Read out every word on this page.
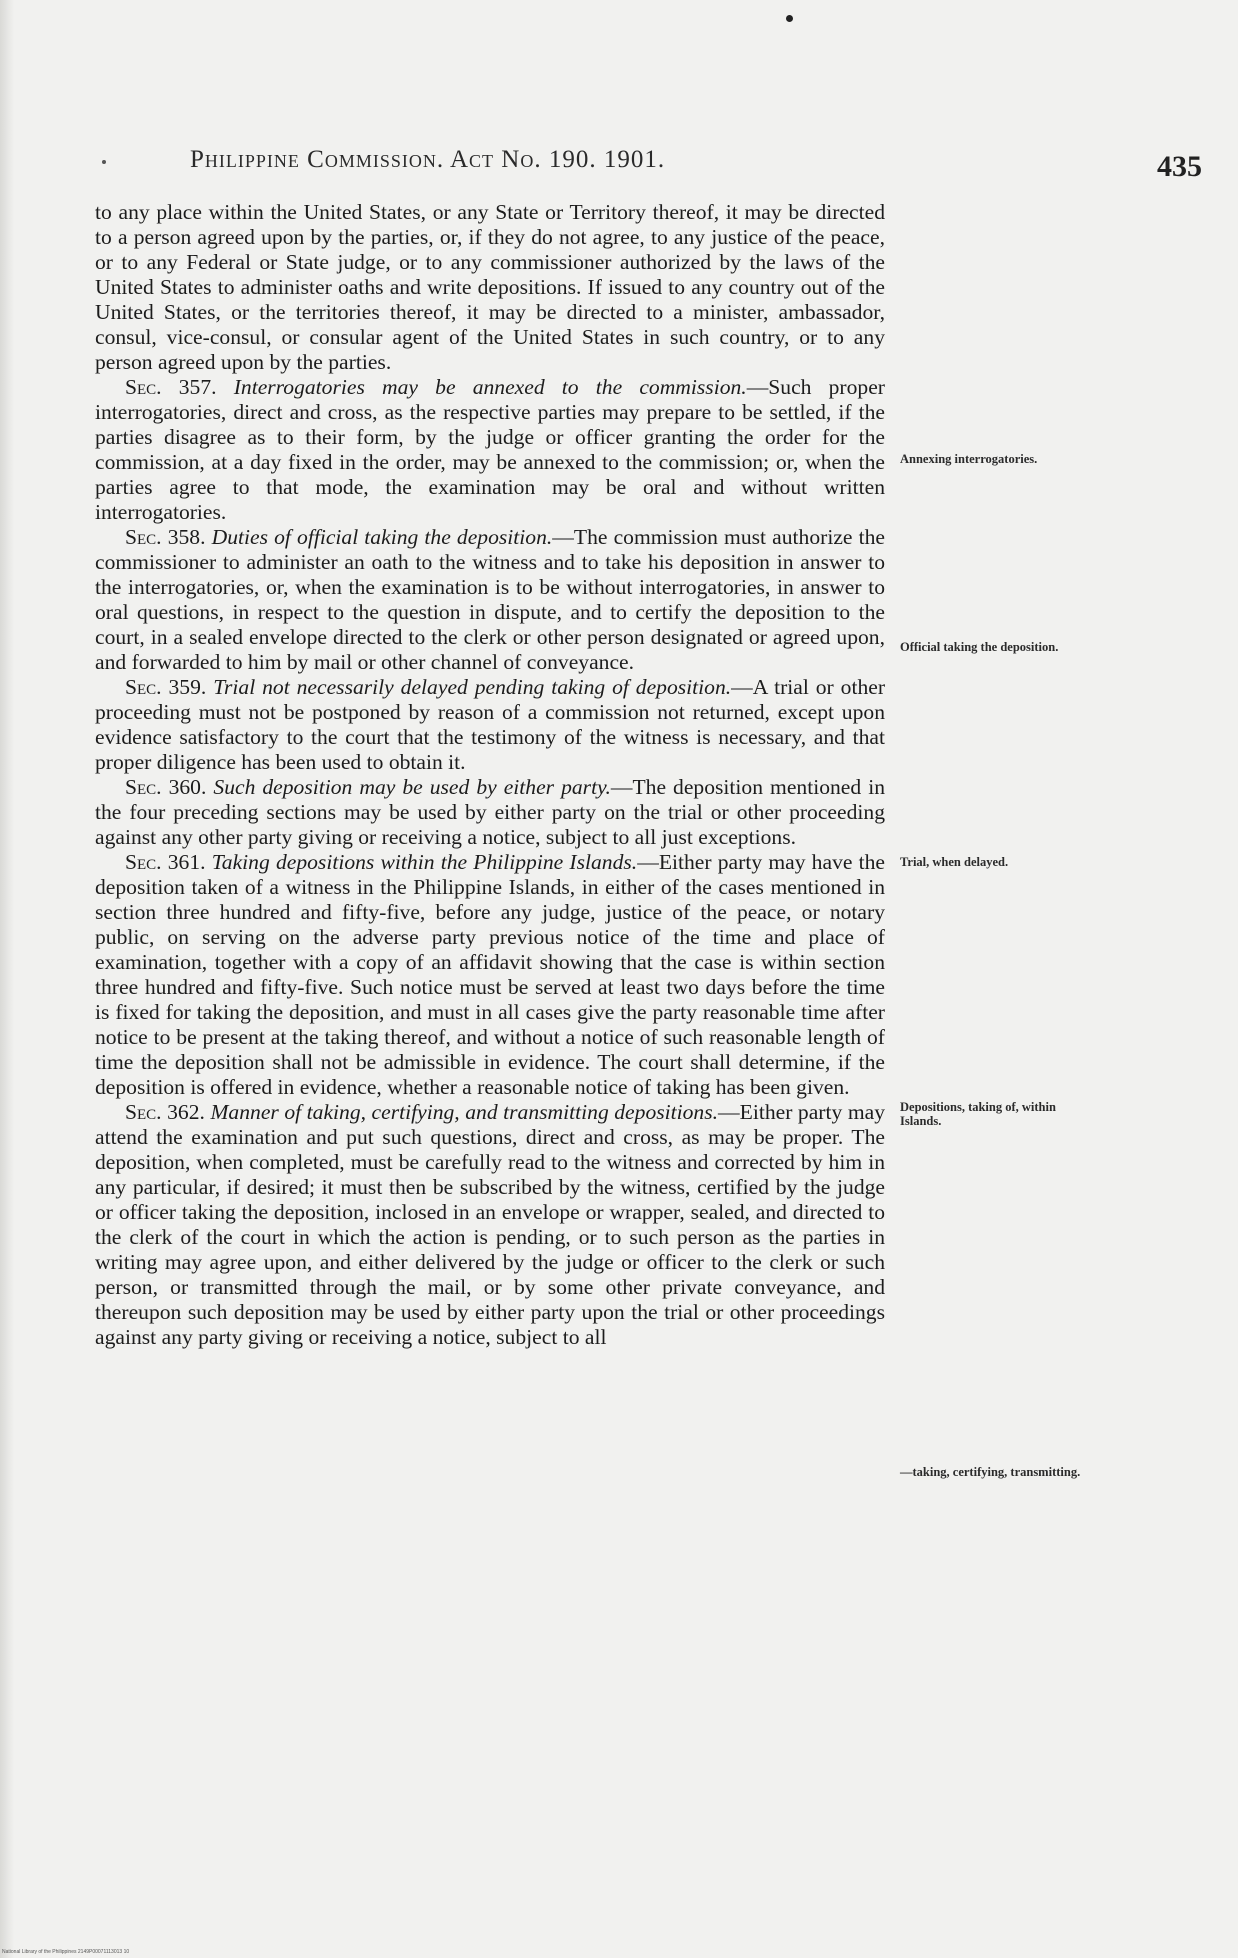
Philippine Commission. Act No. 190. 1901.	435

to any place within the United States, or any State or Territory thereof, it may be directed to a person agreed upon by the parties, or, if they do not agree, to any justice of the peace, or to any Federal or State judge, or to any commissioner authorized by the laws of the United States to administer oaths and write depositions. If issued to any country out of the United States, or the territories thereof, it may be directed to a minister, ambassador, consul, vice-consul, or consular agent of the United States in such country, or to any person agreed upon by the parties.

Sec. 357. Interrogatories may be annexed to the commission.—Such proper interrogatories, direct and cross, as the respective parties may prepare to be settled, if the parties disagree as to their form, by the judge or officer granting the order for the commission, at a day fixed in the order, may be annexed to the commission; or, when the parties agree to that mode, the examination may be oral and without written interrogatories.

Sec. 358. Duties of official taking the deposition.—The commission must authorize the commissioner to administer an oath to the witness and to take his deposition in answer to the interrogatories, or, when the examination is to be without interrogatories, in answer to oral questions, in respect to the question in dispute, and to certify the deposition to the court, in a sealed envelope directed to the clerk or other person designated or agreed upon, and forwarded to him by mail or other channel of conveyance.

Sec. 359. Trial not necessarily delayed pending taking of deposition.—A trial or other proceeding must not be postponed by reason of a commission not returned, except upon evidence satisfactory to the court that the testimony of the witness is necessary, and that proper diligence has been used to obtain it.

Sec. 360. Such deposition may be used by either party.—The deposition mentioned in the four preceding sections may be used by either party on the trial or other proceeding against any other party giving or receiving a notice, subject to all just exceptions.

Sec. 361. Taking depositions within the Philippine Islands.—Either party may have the deposition taken of a witness in the Philippine Islands, in either of the cases mentioned in section three hundred and fifty-five, before any judge, justice of the peace, or notary public, on serving on the adverse party previous notice of the time and place of examination, together with a copy of an affidavit showing that the case is within section three hundred and fifty-five. Such notice must be served at least two days before the time is fixed for taking the deposition, and must in all cases give the party reasonable time after notice to be present at the taking thereof, and without a notice of such reasonable length of time the deposition shall not be admissible in evidence. The court shall determine, if the deposition is offered in evidence, whether a reasonable notice of taking has been given.

Sec. 362. Manner of taking, certifying, and transmitting depositions.—Either party may attend the examination and put such questions, direct and cross, as may be proper. The deposition, when completed, must be carefully read to the witness and corrected by him in any particular, if desired; it must then be subscribed by the witness, certified by the judge or officer taking the deposition, inclosed in an envelope or wrapper, sealed, and directed to the clerk of the court in which the action is pending, or to such person as the parties in writing may agree upon, and either delivered by the judge or officer to the clerk or such person, or transmitted through the mail, or by some other private conveyance, and thereupon such deposition may be used by either party upon the trial or other proceedings against any party giving or receiving a notice, subject to all

Annexing interrogatories.
Official taking the deposition.
Trial, when delayed.
Depositions, taking of, within Islands.
—taking, certifying, transmitting.
National Library of the Philippines 2149P00071113013 10
